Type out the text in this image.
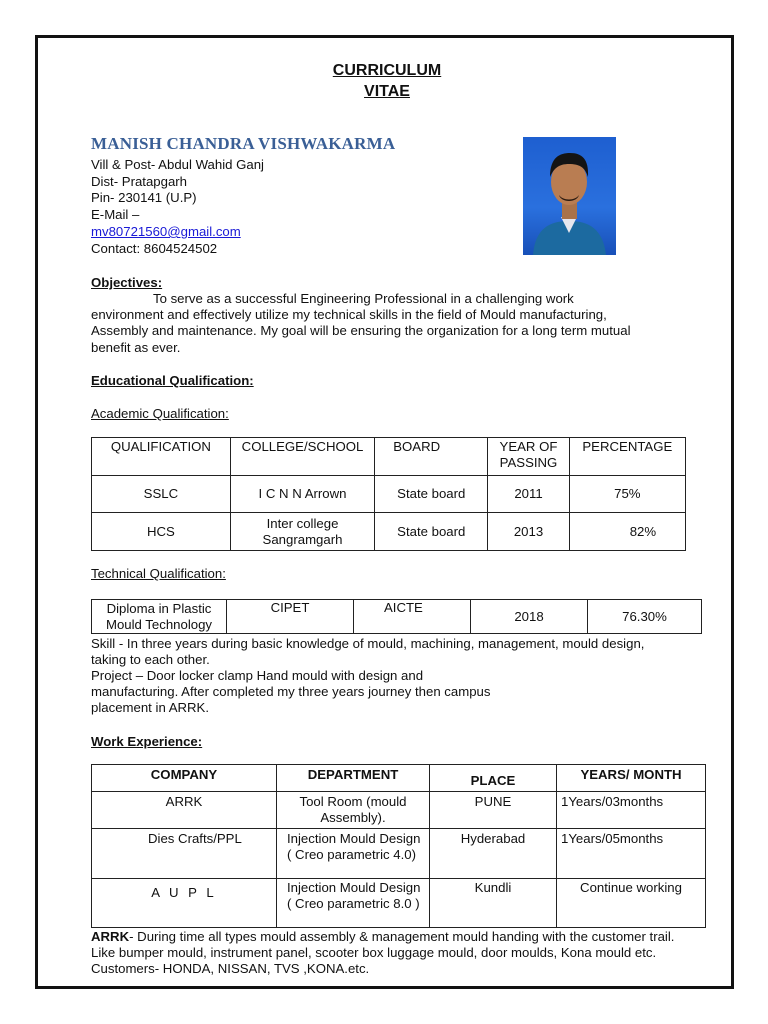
CURRICULUM
VITAE
MANISH CHANDRA VISHWAKARMA
Vill & Post- Abdul Wahid Ganj
Dist- Pratapgarh
Pin- 230141 (U.P)
E-Mail –
mv80721560@gmail.com
Contact: 8604524502
Objectives:
To serve as a successful Engineering Professional in a challenging work
environment and effectively utilize my technical skills in the field of Mould manufacturing,
Assembly and maintenance. My goal will be ensuring the organization for a long term mutual
benefit as ever.
Educational Qualification:
Academic Qualification:
QUALIFICATION	COLLEGE/SCHOOL	BOARD	YEAR OF PASSING	PERCENTAGE
SSLC	I C N N Arrown	State board	2011	75%
HCS	Inter college Sangramgarh	State board	2013	82%
Technical Qualification:
Diploma in Plastic Mould Technology	CIPET	AICTE	2018	76.30%
Skill - In three years during basic knowledge of mould, machining, management, mould design,
taking to each other.
Project – Door locker clamp Hand mould with design and
manufacturing. After completed my three years journey then campus
placement in ARRK.
Work Experience:
COMPANY	DEPARTMENT	PLACE	YEARS/ MONTH
ARRK	Tool Room (mould Assembly).	PUNE	1Years/03months
Dies Crafts/PPL	Injection Mould Design ( Creo parametric 4.0)	Hyderabad	1Years/05months
A U P L	Injection Mould Design ( Creo parametric 8.0 )	Kundli	Continue working
ARRK- During time all types mould assembly & management mould handing with the customer trail.
Like bumper mould, instrument panel, scooter box luggage mould, door moulds, Kona mould etc.
Customers- HONDA, NISSAN, TVS ,KONA.etc.
